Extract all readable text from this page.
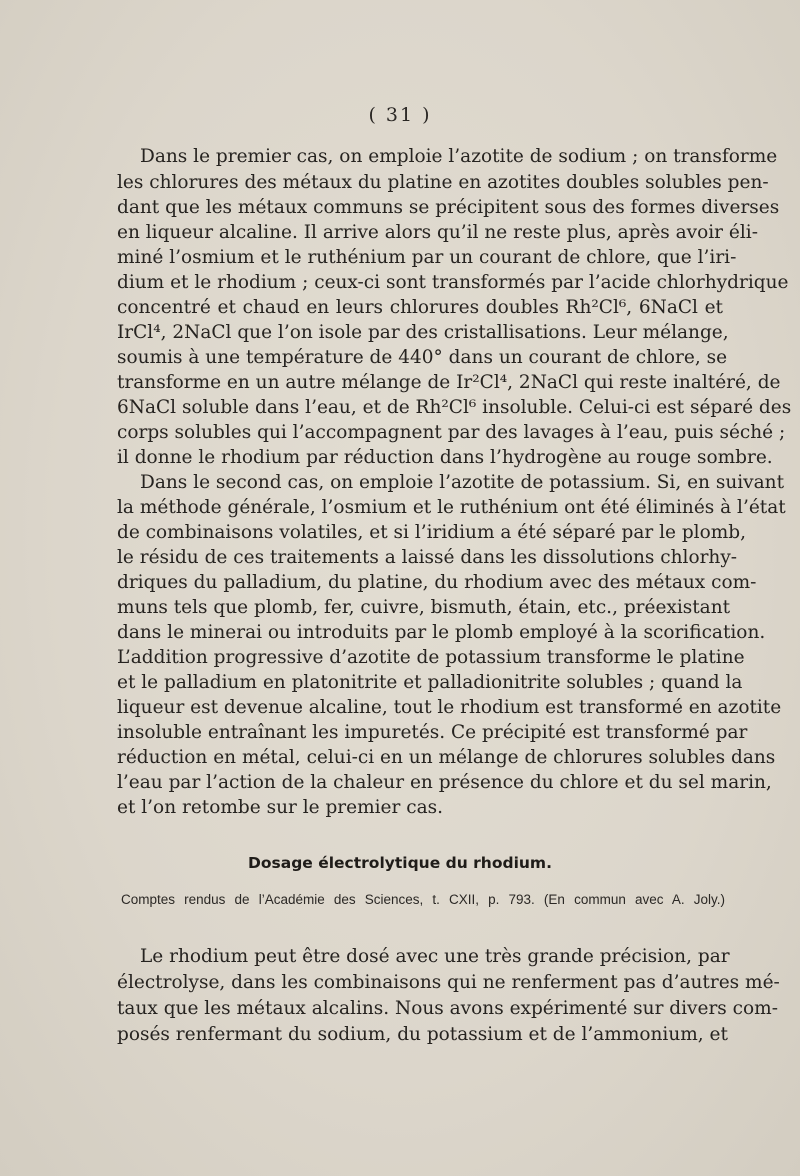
( 31 )
Dans le premier cas, on emploie l’azotite de sodium ; on transforme
les chlorures des métaux du platine en azotites doubles solubles pen-
dant que les métaux communs se précipitent sous des formes diverses
en liqueur alcaline. Il arrive alors qu’il ne reste plus, après avoir éli-
miné l’osmium et le ruthénium par un courant de chlore, que l’iri-
dium et le rhodium ; ceux-ci sont transformés par l’acide chlorhydrique
concentré et chaud en leurs chlorures doubles Rh²Cl⁶, 6NaCl et
IrCl⁴, 2NaCl que l’on isole par des cristallisations. Leur mélange,
soumis à une température de 440° dans un courant de chlore, se
transforme en un autre mélange de Ir²Cl⁴, 2NaCl qui reste inaltéré, de
6NaCl soluble dans l’eau, et de Rh²Cl⁶ insoluble. Celui-ci est séparé des
corps solubles qui l’accompagnent par des lavages à l’eau, puis séché ;
il donne le rhodium par réduction dans l’hydrogène au rouge sombre.
Dans le second cas, on emploie l’azotite de potassium. Si, en suivant
la méthode générale, l’osmium et le ruthénium ont été éliminés à l’état
de combinaisons volatiles, et si l’iridium a été séparé par le plomb,
le résidu de ces traitements a laissé dans les dissolutions chlorhy-
driques du palladium, du platine, du rhodium avec des métaux com-
muns tels que plomb, fer, cuivre, bismuth, étain, etc., préexistant
dans le minerai ou introduits par le plomb employé à la scorification.
L’addition progressive d’azotite de potassium transforme le platine
et le palladium en platonitrite et palladionitrite solubles ; quand la
liqueur est devenue alcaline, tout le rhodium est transformé en azotite
insoluble entraînant les impuretés. Ce précipité est transformé par
réduction en métal, celui-ci en un mélange de chlorures solubles dans
l’eau par l’action de la chaleur en présence du chlore et du sel marin,
et l’on retombe sur le premier cas.
Dosage électrolytique du rhodium.
Comptes rendus de l’Académie des Sciences, t. CXII, p. 793. (En commun avec A. Joly.)
Le rhodium peut être dosé avec une très grande précision, par
électrolyse, dans les combinaisons qui ne renferment pas d’autres mé-
taux que les métaux alcalins. Nous avons expérimenté sur divers com-
posés renfermant du sodium, du potassium et de l’ammonium, et
